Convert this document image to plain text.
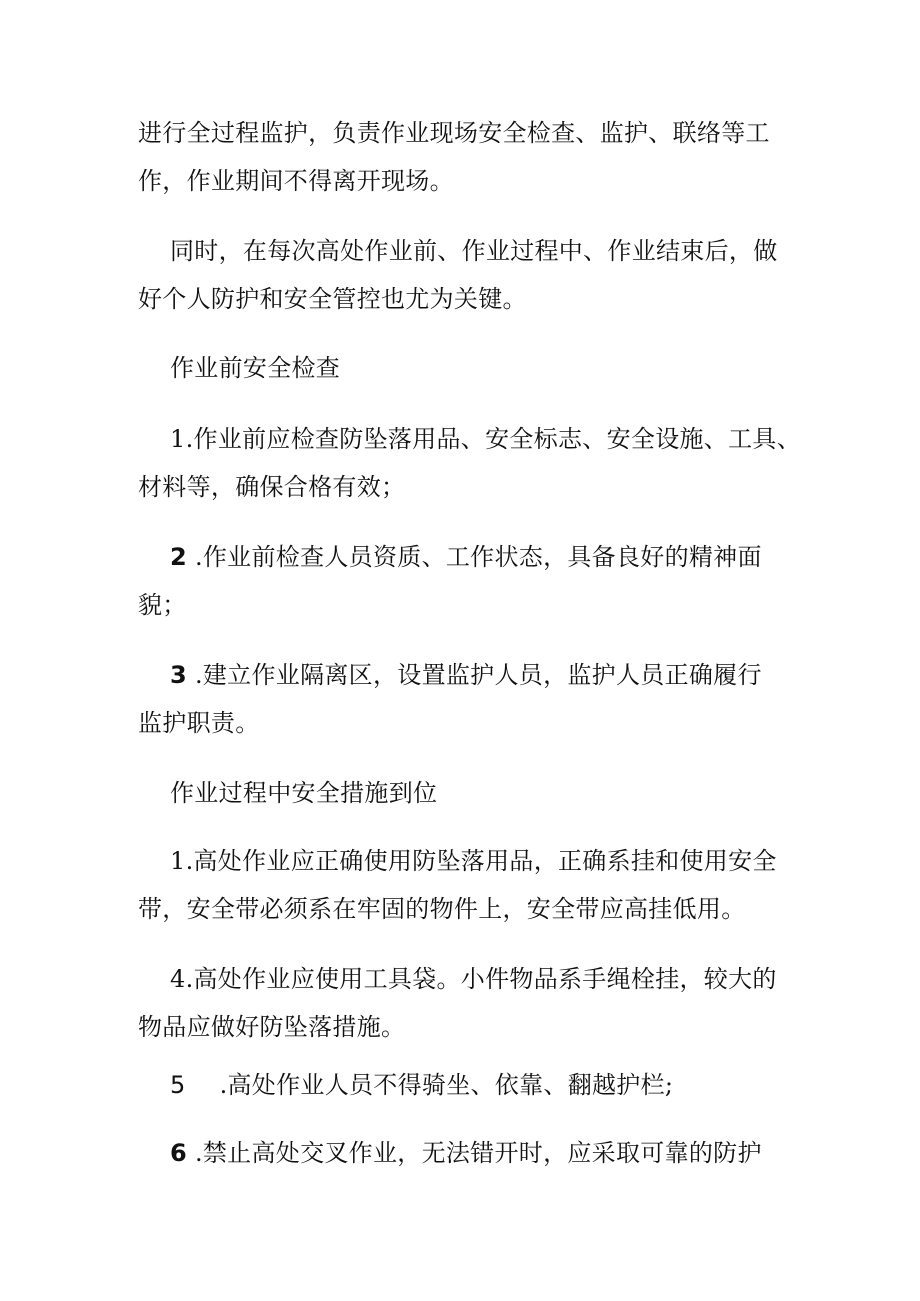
进行全过程监护，负责作业现场安全检查、监护、联络等工
作，作业期间不得离开现场。
同时，在每次高处作业前、作业过程中、作业结束后，做
好个人防护和安全管控也尤为关键。
作业前安全检查
1.作业前应检查防坠落用品、安全标志、安全设施、工具、
材料等，确保合格有效；
2 .作业前检查人员资质、工作状态，具备良好的精神面
貌；
3 .建立作业隔离区，设置监护人员，监护人员正确履行
监护职责。
作业过程中安全措施到位
1.高处作业应正确使用防坠落用品，正确系挂和使用安全
带，安全带必须系在牢固的物件上，安全带应高挂低用。
4.高处作业应使用工具袋。小件物品系手绳栓挂，较大的
物品应做好防坠落措施。
5 .高处作业人员不得骑坐、依靠、翻越护栏;
6 .禁止高处交叉作业，无法错开时，应采取可靠的防护
